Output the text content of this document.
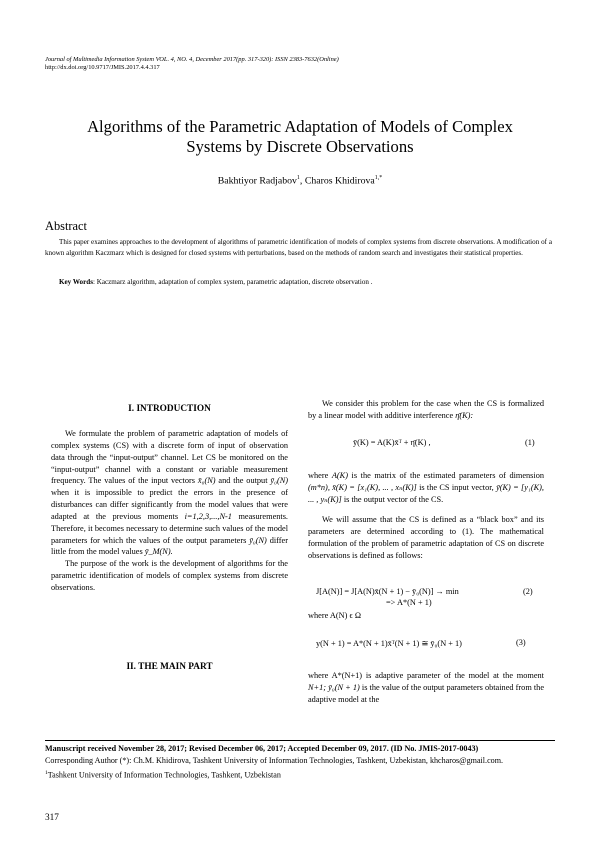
Journal of Multimedia Information System VOL. 4, NO. 4, December 2017(pp. 317-320): ISSN 2383-7632(Online)
http://dx.doi.org/10.9717/JMIS.2017.4.4.317
Algorithms of the Parametric Adaptation of Models of Complex
Systems by Discrete Observations
Bakhtiyor Radjabov$^1$, Charos Khidirova$^{1,*}$
Abstract
This paper examines approaches to the development of algorithms of parametric identification of models of complex systems from discrete observations. A modification of a known algorithm Kaczmarz which is designed for closed systems with perturbations, based on the methods of random search and investigates their statistical properties.
Key Words: Kaczmarz algorithm, adaptation of complex system, parametric adaptation, discrete observation .
I. INTRODUCTION

We formulate the problem of parametric adaptation of models of complex systems (CS) with a discrete form of input of observation data through the “input-output” channel. Let CS be monitored on the “input-output” channel with a constant or variable measurement frequency. The values of the input vectors x̄₀(N) and the output ȳ₀(N) when it is impossible to predict the errors in the presence of disturbances can differ significantly from the model values that were adapted at the previous moments i=1,2,3,...,N-1 measurements. Therefore, it becomes necessary to determine such values of the model parameters for which the values of the output parameters ȳ₀(N) differ little from the model values ȳ_M(N).

The purpose of the work is the development of algorithms for the parametric identification of models of complex systems from discrete observations.

II. THE MAIN PART

We consider this problem for the case when the CS is formalized by a linear model with additive interference η̄(K):

ȳ(K) = A(K)x̄ᵀ + η̄(K) ,	(1)

where A(K) is the matrix of the estimated parameters of dimension (m*n), x̄(K) = [x₁(K), ... , xₙ(K)] is the CS input vector, ȳ(K) = [y₁(K), ... , yₙ(K)] is the output vector of the CS.

We will assume that the CS is defined as a “black box” and its parameters are determined according to (1). The mathematical formulation of the problem of parametric adaptation of CS on discrete observations is defined as follows:

J[A(N)] = J[A(N)x̄(N + 1) − ȳ₀(N)] → min	(2)
=> A*(N + 1)
where A(N) ϵ Ω
y(N + 1) = A*(N + 1)x̄ᵀ(N + 1) ≅ ȳ₀(N + 1)	(3)

where A*(N+1) is adaptive parameter of the model at the moment N+1; ȳ₀(N + 1) is the value of the output parameters obtained from the adaptive model at the

Manuscript received November 28, 2017; Revised December 06, 2017; Accepted December 09, 2017. (ID No. JMIS-2017-0043)
Corresponding Author (*): Ch.M. Khidirova, Tashkent University of Information Technologies, Tashkent, Uzbekistan, khcharos@gmail.com.
$^1$Tashkent University of Information Technologies, Tashkent, Uzbekistan
317
